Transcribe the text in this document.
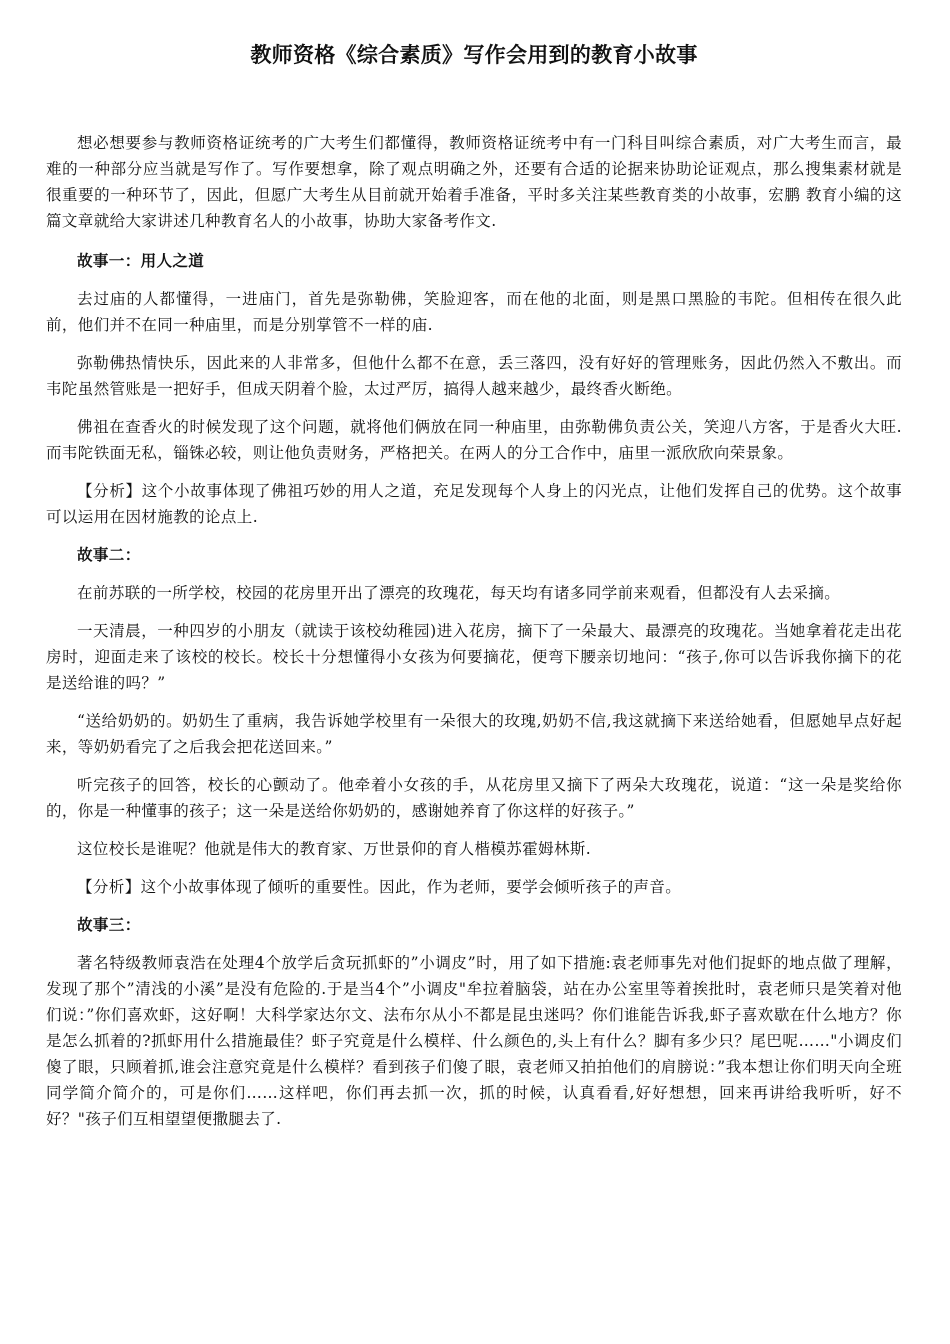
教师资格《综合素质》写作会用到的教育小故事

想必想要参与教师资格证统考的广大考生们都懂得，教师资格证统考中有一门科目叫综合素质，对广大考生而言，最难的一种部分应当就是写作了。写作要想拿，除了观点明确之外，还要有合适的论据来协助论证观点，那么搜集素材就是很重要的一种环节了，因此，但愿广大考生从目前就开始着手准备，平时多关注某些教育类的小故事，宏鹏 教育小编的这篇文章就给大家讲述几种教育名人的小故事，协助大家备考作文.

故事一：用人之道

去过庙的人都懂得，一进庙门，首先是弥勒佛，笑脸迎客，而在他的北面，则是黑口黑脸的韦陀。但相传在很久此前，他们并不在同一种庙里，而是分别掌管不一样的庙.

弥勒佛热情快乐，因此来的人非常多，但他什么都不在意，丢三落四，没有好好的管理账务，因此仍然入不敷出。而韦陀虽然管账是一把好手，但成天阴着个脸，太过严厉，搞得人越来越少，最终香火断绝。

佛祖在查香火的时候发现了这个问题，就将他们俩放在同一种庙里，由弥勒佛负责公关，笑迎八方客，于是香火大旺.而韦陀铁面无私，锱铢必较，则让他负责财务，严格把关。在两人的分工合作中，庙里一派欣欣向荣景象。

【分析】这个小故事体现了佛祖巧妙的用人之道，充足发现每个人身上的闪光点，让他们发挥自己的优势。这个故事可以运用在因材施教的论点上.

故事二：

在前苏联的一所学校，校园的花房里开出了漂亮的玫瑰花，每天均有诸多同学前来观看，但都没有人去采摘。

一天清晨，一种四岁的小朋友（就读于该校幼稚园)进入花房，摘下了一朵最大、最漂亮的玫瑰花。当她拿着花走出花房时，迎面走来了该校的校长。校长十分想懂得小女孩为何要摘花，便弯下腰亲切地问：“孩子,你可以告诉我你摘下的花是送给谁的吗？”

“送给奶奶的。奶奶生了重病，我告诉她学校里有一朵很大的玫瑰,奶奶不信,我这就摘下来送给她看，但愿她早点好起来，等奶奶看完了之后我会把花送回来。”

听完孩子的回答，校长的心颤动了。他牵着小女孩的手，从花房里又摘下了两朵大玫瑰花，说道：“这一朵是奖给你的，你是一种懂事的孩子；这一朵是送给你奶奶的，感谢她养育了你这样的好孩子。”

这位校长是谁呢？他就是伟大的教育家、万世景仰的育人楷模苏霍姆林斯.

【分析】这个小故事体现了倾听的重要性。因此，作为老师，要学会倾听孩子的声音。

故事三：

著名特级教师袁浩在处理4个放学后贪玩抓虾的”小调皮”时，用了如下措施:袁老师事先对他们捉虾的地点做了理解，发现了那个”清浅的小溪”是没有危险的.于是当4个”小调皮"牟拉着脑袋，站在办公室里等着挨批时，袁老师只是笑着对他们说：”你们喜欢虾，这好啊！大科学家达尔文、法布尔从小不都是昆虫迷吗？你们谁能告诉我,虾子喜欢歇在什么地方？你是怎么抓着的?抓虾用什么措施最佳？虾子究竟是什么模样、什么颜色的,头上有什么？脚有多少只？尾巴呢……"小调皮们傻了眼，只顾着抓,谁会注意究竟是什么模样？看到孩子们傻了眼，袁老师又拍拍他们的肩膀说：”我本想让你们明天向全班同学简介简介的，可是你们……这样吧，你们再去抓一次，抓的时候，认真看看,好好想想，回来再讲给我听听，好不好？"孩子们互相望望便撒腿去了.
